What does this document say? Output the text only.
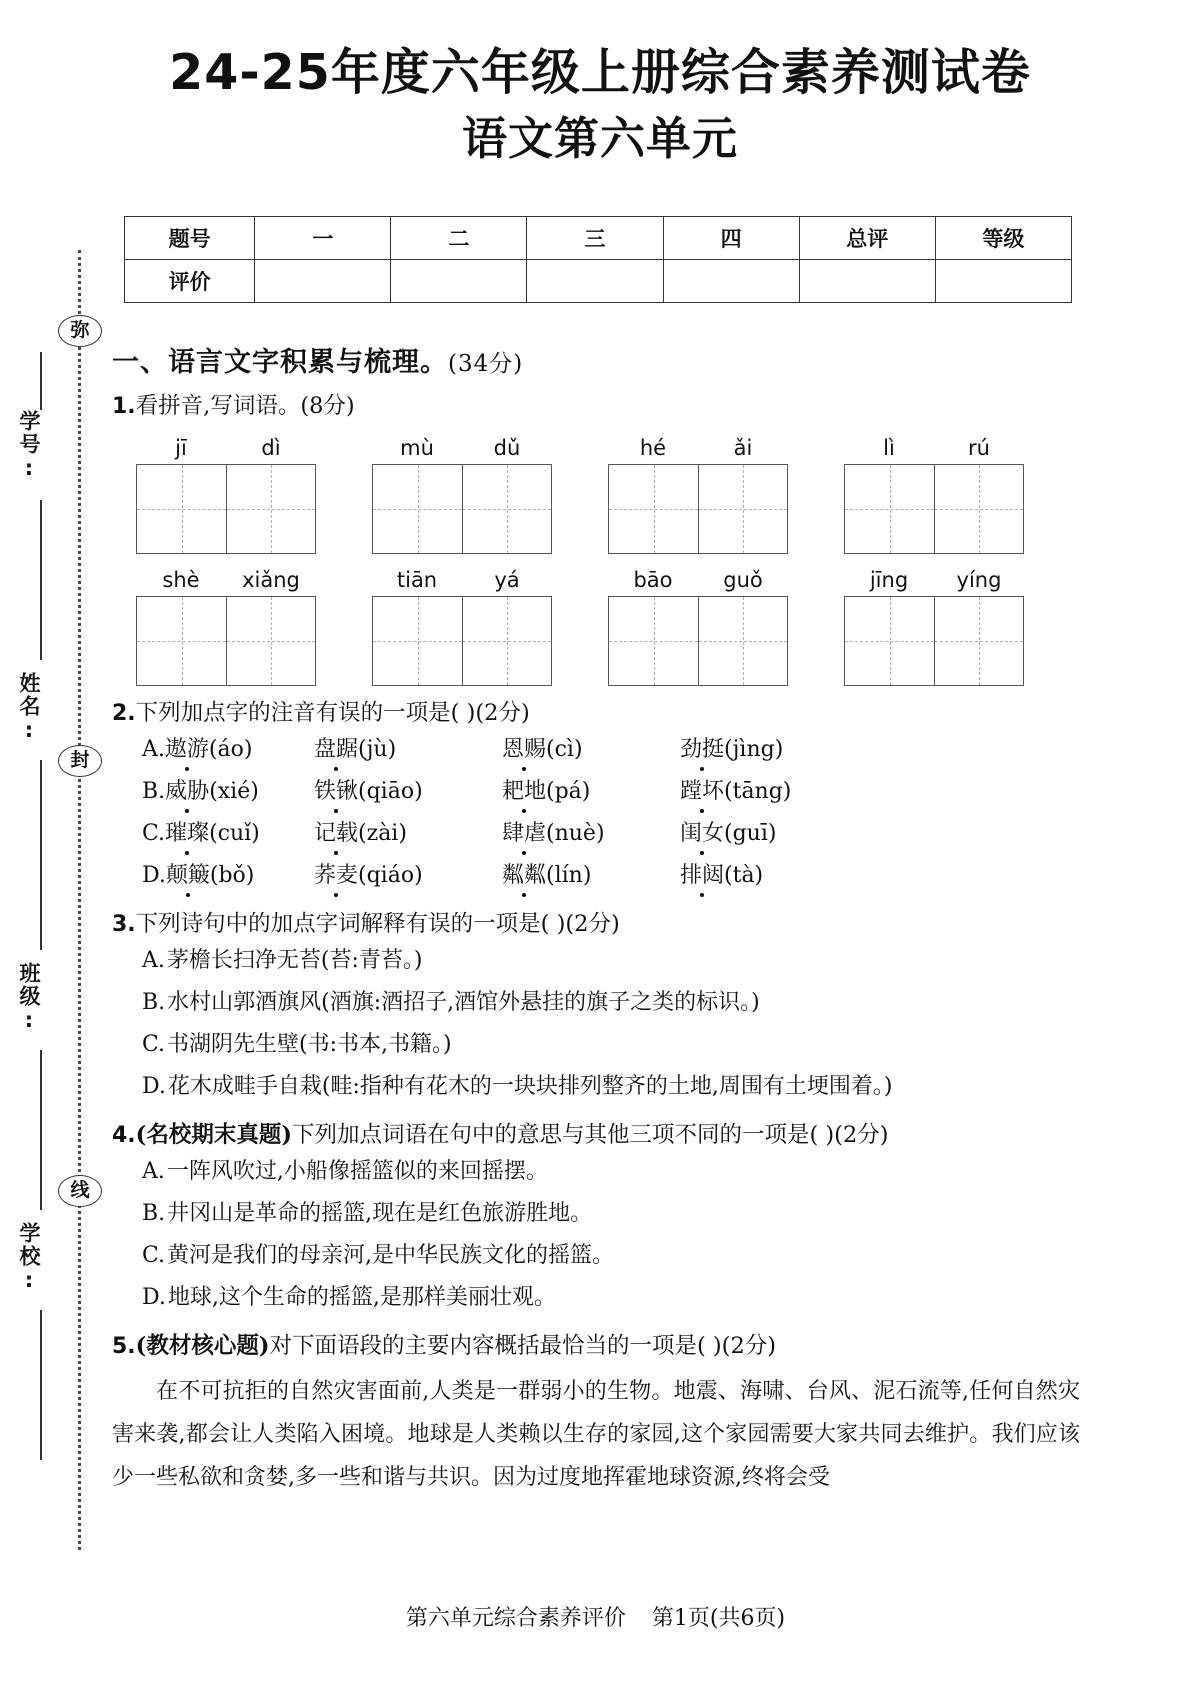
弥
封
线
学号:
姓名:
班级:
学校:
24-25年度六年级上册综合素养测试卷
语文第六单元
题号	一	二	三	四	总评	等级
评价						
一、语言文字积累与梳理。(34分)
1.看拼音,写词语。(8分)
jī	dì	mù	dǔ	hé	ǎi	lì	rú
shè	xiǎng	tiān	yá	bāo	guǒ	jīng	yíng
2.下列加点字的注音有误的一项是( )(2分)
A.遨游(áo)	盘踞(jù)	恩赐(cì)	劲挺(jìng)
B.威胁(xié)	铁锹(qiāo)	耙地(pá)	蹚坏(tāng)
C.璀璨(cuǐ)	记载(zài)	肆虐(nuè)	闺女(guī)
D.颠簸(bǒ)	荞麦(qiáo)	粼粼(lín)	排闼(tà)
3.下列诗句中的加点字词解释有误的一项是( )(2分)
A.茅檐长扫净无苔(苔:青苔。)
B.水村山郭酒旗风(酒旗:酒招子,酒馆外悬挂的旗子之类的标识。)
C.书湖阴先生壁(书:书本,书籍。)
D.花木成畦手自栽(畦:指种有花木的一块块排列整齐的土地,周围有土埂围着。)
4.(名校期末真题)下列加点词语在句中的意思与其他三项不同的一项是( )(2分)
A.一阵风吹过,小船像摇篮似的来回摇摆。
B.井冈山是革命的摇篮,现在是红色旅游胜地。
C.黄河是我们的母亲河,是中华民族文化的摇篮。
D.地球,这个生命的摇篮,是那样美丽壮观。
5.(教材核心题)对下面语段的主要内容概括最恰当的一项是( )(2分)
在不可抗拒的自然灾害面前,人类是一群弱小的生物。地震、海啸、台风、泥石流等,任何自然灾害来袭,都会让人类陷入困境。地球是人类赖以生存的家园,这个家园需要大家共同去维护。我们应该少一些私欲和贪婪,多一些和谐与共识。因为过度地挥霍地球资源,终将会受
第六单元综合素养评价 第1页(共6页)
